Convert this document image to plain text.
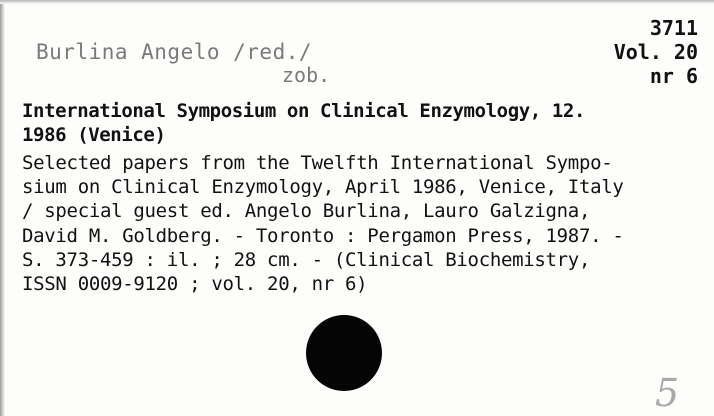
Burlina Angelo /red./
zob.
3711
Vol. 20
nr 6
International Symposium on Clinical Enzymology, 12.
1986 (Venice)
Selected papers from the Twelfth International Sympo-
sium on Clinical Enzymology, April 1986, Venice, Italy
/ special guest ed. Angelo Burlina, Lauro Galzigna,
David M. Goldberg. - Toronto : Pergamon Press, 1987. -
S. 373-459 : il. ; 28 cm. - (Clinical Biochemistry,
ISSN 0009-9120 ; vol. 20, nr 6)
5
